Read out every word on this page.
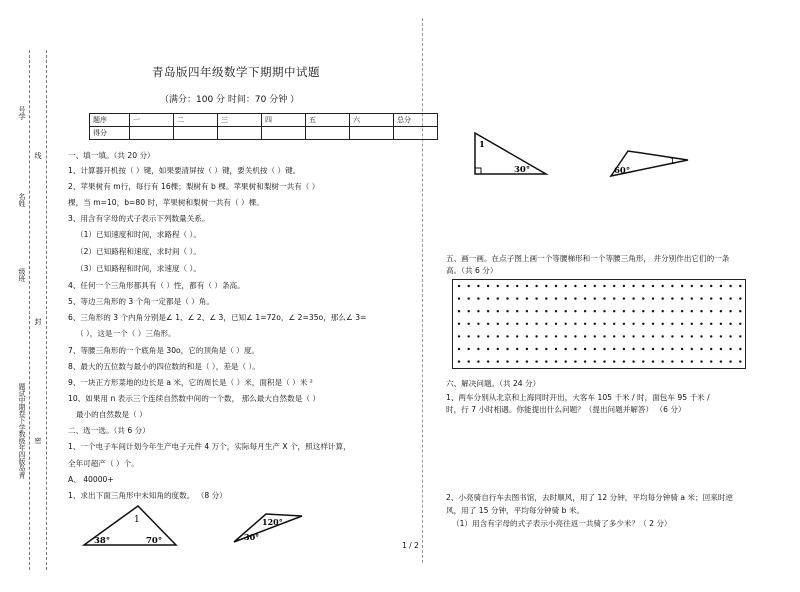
号学
线
名姓
级班
封
题试中期卷下学数级年四版岛青 密
青岛版四年级数学下期期中试题
（满分：100 分 时间：70 分钟 ）
题序	一	二	三	四	五	六	总分
得分							
一、填一填。（共 20 分）
1、计算器开机按（ ）键，如果要清屏按（ ）键，要关机按（ ）键。
2、苹果树有 m行，每行有 16棵；梨树有 b 棵。苹果树和梨树一共有（ ）
棵，当 m=10，b=80 时，苹果树和梨树一共有（ ）棵。
3、用含有字母的式子表示下列数量关系。
（1）已知速度和时间，求路程（ ）。
（2）已知路程和速度，求时间（ ）。
（3）已知路程和时间，求速度（ ）。
4、任何一个三角形都具有（ ）性，都有（ ）条高。
5、等边三角形的 3 个角一定都是（ ）角。
6、三角形的 3 个内角分别是∠ 1、∠ 2、∠ 3，已知∠ 1=72o，∠ 2=35o，那么∠ 3=
（ ），这是一个（ ）三角形。
7、等腰三角形的一个底角是 30o，它的顶角是（ ）度。
8、最大的五位数与最小的四位数的和是（ ），差是（ ）。
9、一块正方形菜地的边长是 a 米，它的周长是（ ）米，面积是（ ）米 ²
10、如果用 n 表示三个连续自然数中间的一个数， 那么最大自然数是（ ）
最小的自然数是（ ）
二、选一选。（共 6 分）
1、一个电子车间计划今年生产电子元件 4 万个，实际每月生产 X 个，照这样计算，
全年可超产（ ）个。
A、 40000+
1、求出下面三角形中未知角的度数。 （8 分）
1
38°	70°
120°
30°
1
30°	60°
1
五、画一画。在点子图上画一个等腰梯形和一个等腰三角形， 并分别作出它们的一条
高。（共 6 分）
六、解决问题。（共 24 分）
1、两车分别从北京和上海同时开出，大客车 105 千米 / 时，面包车 95 千米 /
时，行 7 小时相遇。你能提出什么问题？（提出问题并解答） （6 分）
2、小亮骑自行车去图书馆，去时顺风，用了 12 分钟，平均每分钟骑 a 米；回来时逆
风，用了 15 分钟，平均每分钟骑 b 米。
（1）用含有字母的式子表示小亮往返一共骑了多少米？（ 2 分）
1 / 2
